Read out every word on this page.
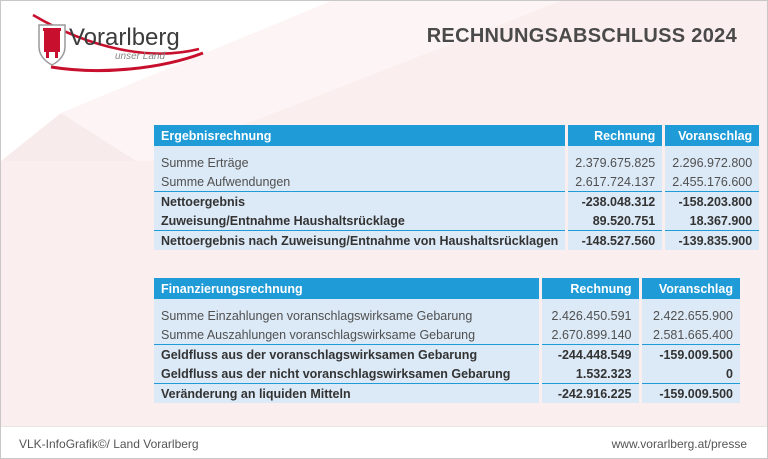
Vorarlberg
unser Land
RECHNUNGSABSCHLUSS 2024
Ergebnisrechnung	Rechnung	Voranschlag

Summe Erträge	2.379.675.825	2.296.972.800
Summe Aufwendungen	2.617.724.137	2.455.176.600
Nettoergebnis	-238.048.312	-158.203.800
Zuweisung/Entnahme Haushaltsrücklage	89.520.751	18.367.900
Nettoergebnis nach Zuweisung/Entnahme von Haushaltsrücklagen	-148.527.560	-139.835.900
Finanzierungsrechnung	Rechnung	Voranschlag

Summe Einzahlungen voranschlagswirksame Gebarung	2.426.450.591	2.422.655.900
Summe Auszahlungen voranschlagswirksame Gebarung	2.670.899.140	2.581.665.400
Geldfluss aus der voranschlagswirksamen Gebarung	-244.448.549	-159.009.500
Geldfluss aus der nicht voranschlagswirksamen Gebarung	1.532.323	0
Veränderung an liquiden Mitteln	-242.916.225	-159.009.500
VLK-InfoGrafik©/ Land Vorarlberg	www.vorarlberg.at/presse
